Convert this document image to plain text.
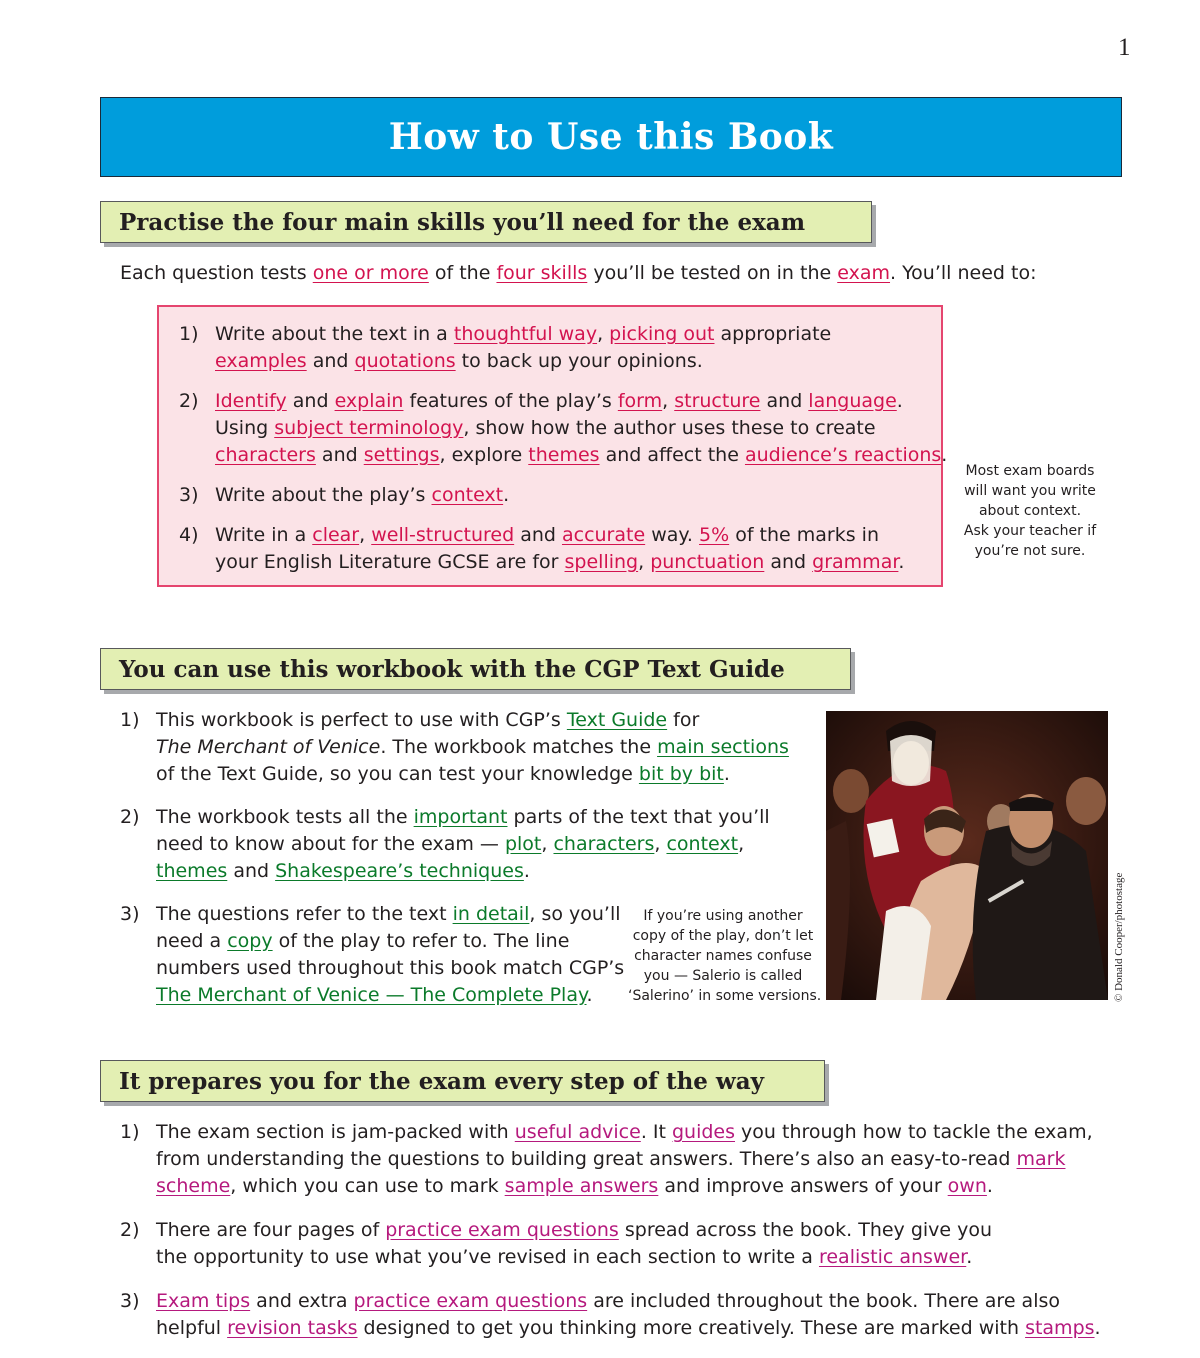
1
How to Use this Book
Practise the four main skills you’ll need for the exam
Each question tests one or more of the four skills you’ll be tested on in the exam. You’ll need to:
1) Write about the text in a thoughtful way, picking out appropriate
examples and quotations to back up your opinions.
2) Identify and explain features of the play’s form, structure and language.
Using subject terminology, show how the author uses these to create
characters and settings, explore themes and affect the audience’s reactions.
3) Write about the play’s context.
4) Write in a clear, well-structured and accurate way. 5% of the marks in
your English Literature GCSE are for spelling, punctuation and grammar.
Most exam boards
will want you write
about context.
Ask your teacher if
you’re not sure.
You can use this workbook with the CGP Text Guide
1) This workbook is perfect to use with CGP’s Text Guide for
The Merchant of Venice. The workbook matches the main sections
of the Text Guide, so you can test your knowledge bit by bit.
2) The workbook tests all the important parts of the text that you’ll
need to know about for the exam — plot, characters, context,
themes and Shakespeare’s techniques.
3) The questions refer to the text in detail, so you’ll
need a copy of the play to refer to. The line
numbers used throughout this book match CGP’s
The Merchant of Venice — The Complete Play.
If you’re using another
copy of the play, don’t let
character names confuse
you — Salerio is called
‘Salerino’ in some versions.	© Donald Cooper/photostage
It prepares you for the exam every step of the way
1) The exam section is jam-packed with useful advice. It guides you through how to tackle the exam,
from understanding the questions to building great answers. There’s also an easy-to-read mark
scheme, which you can use to mark sample answers and improve answers of your own.
2) There are four pages of practice exam questions spread across the book. They give you
the opportunity to use what you’ve revised in each section to write a realistic answer.
3) Exam tips and extra practice exam questions are included throughout the book. There are also
helpful revision tasks designed to get you thinking more creatively. These are marked with stamps.
